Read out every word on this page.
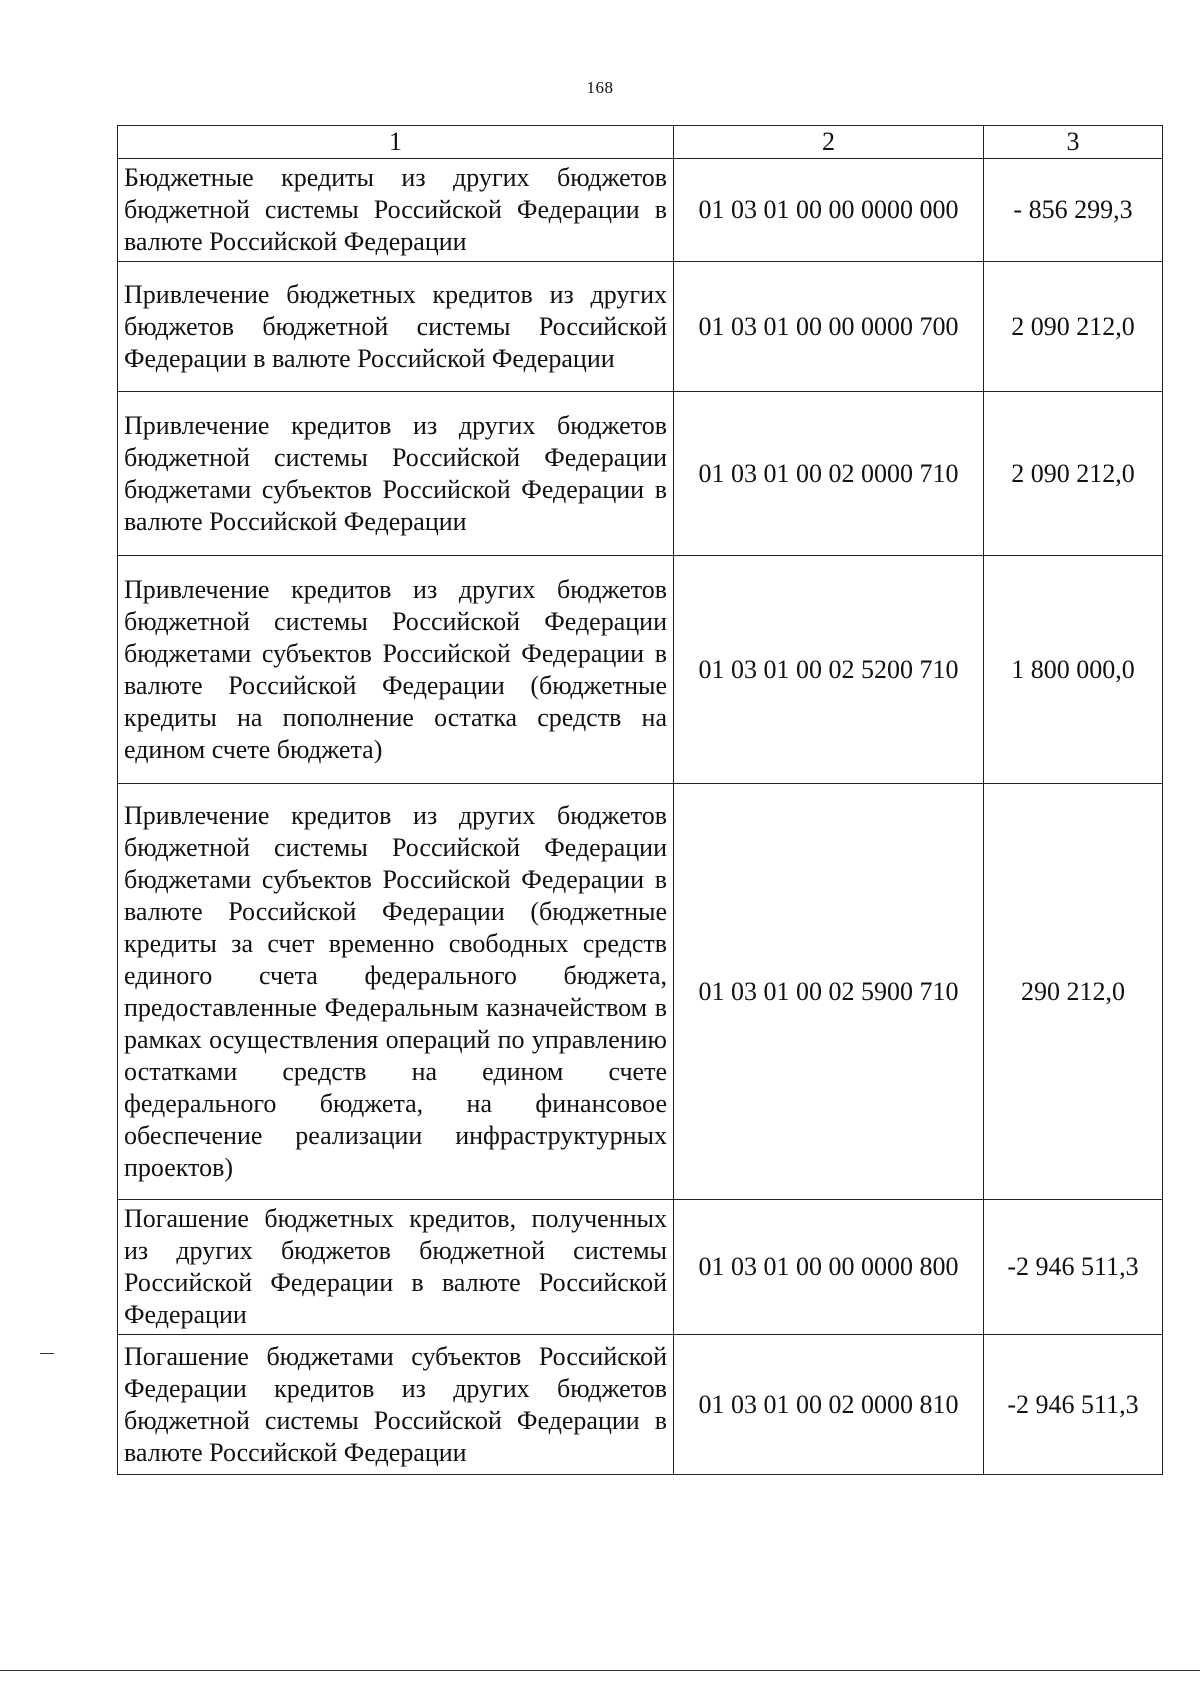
168
1	2	3
Бюджетные кредиты из других бюджетов бюджетной системы Российской Федерации в валюте Российской Федерации	01 03 01 00 00 0000 000	- 856 299,3
Привлечение бюджетных кредитов из других бюджетов бюджетной системы Российской Федерации в валюте Российской Федерации	01 03 01 00 00 0000 700	2 090 212,0
Привлечение кредитов из других бюджетов бюджетной системы Российской Федерации бюджетами субъектов Российской Федерации в валюте Российской Федерации	01 03 01 00 02 0000 710	2 090 212,0
Привлечение кредитов из других бюджетов бюджетной системы Российской Федерации бюджетами субъектов Российской Федерации в валюте Российской Федерации (бюджетные кредиты на пополнение остатка средств на едином счете бюджета)	01 03 01 00 02 5200 710	1 800 000,0
Привлечение кредитов из других бюджетов бюджетной системы Российской Федерации бюджетами субъектов Российской Федерации в валюте Российской Федерации (бюджетные кредиты за счет временно свободных средств единого счета федерального бюджета, предоставленные Федеральным казначейством в рамках осуществления операций по управлению остатками средств на едином счете федерального бюджета, на финансовое обеспечение реализации инфраструктурных проектов)	01 03 01 00 02 5900 710	290 212,0
Погашение бюджетных кредитов, полученных из других бюджетов бюджетной системы Российской Федерации в валюте Российской Федерации	01 03 01 00 00 0000 800	-2 946 511,3
Погашение бюджетами субъектов Российской Федерации кредитов из других бюджетов бюджетной системы Российской Федерации в валюте Российской Федерации	01 03 01 00 02 0000 810	-2 946 511,3
